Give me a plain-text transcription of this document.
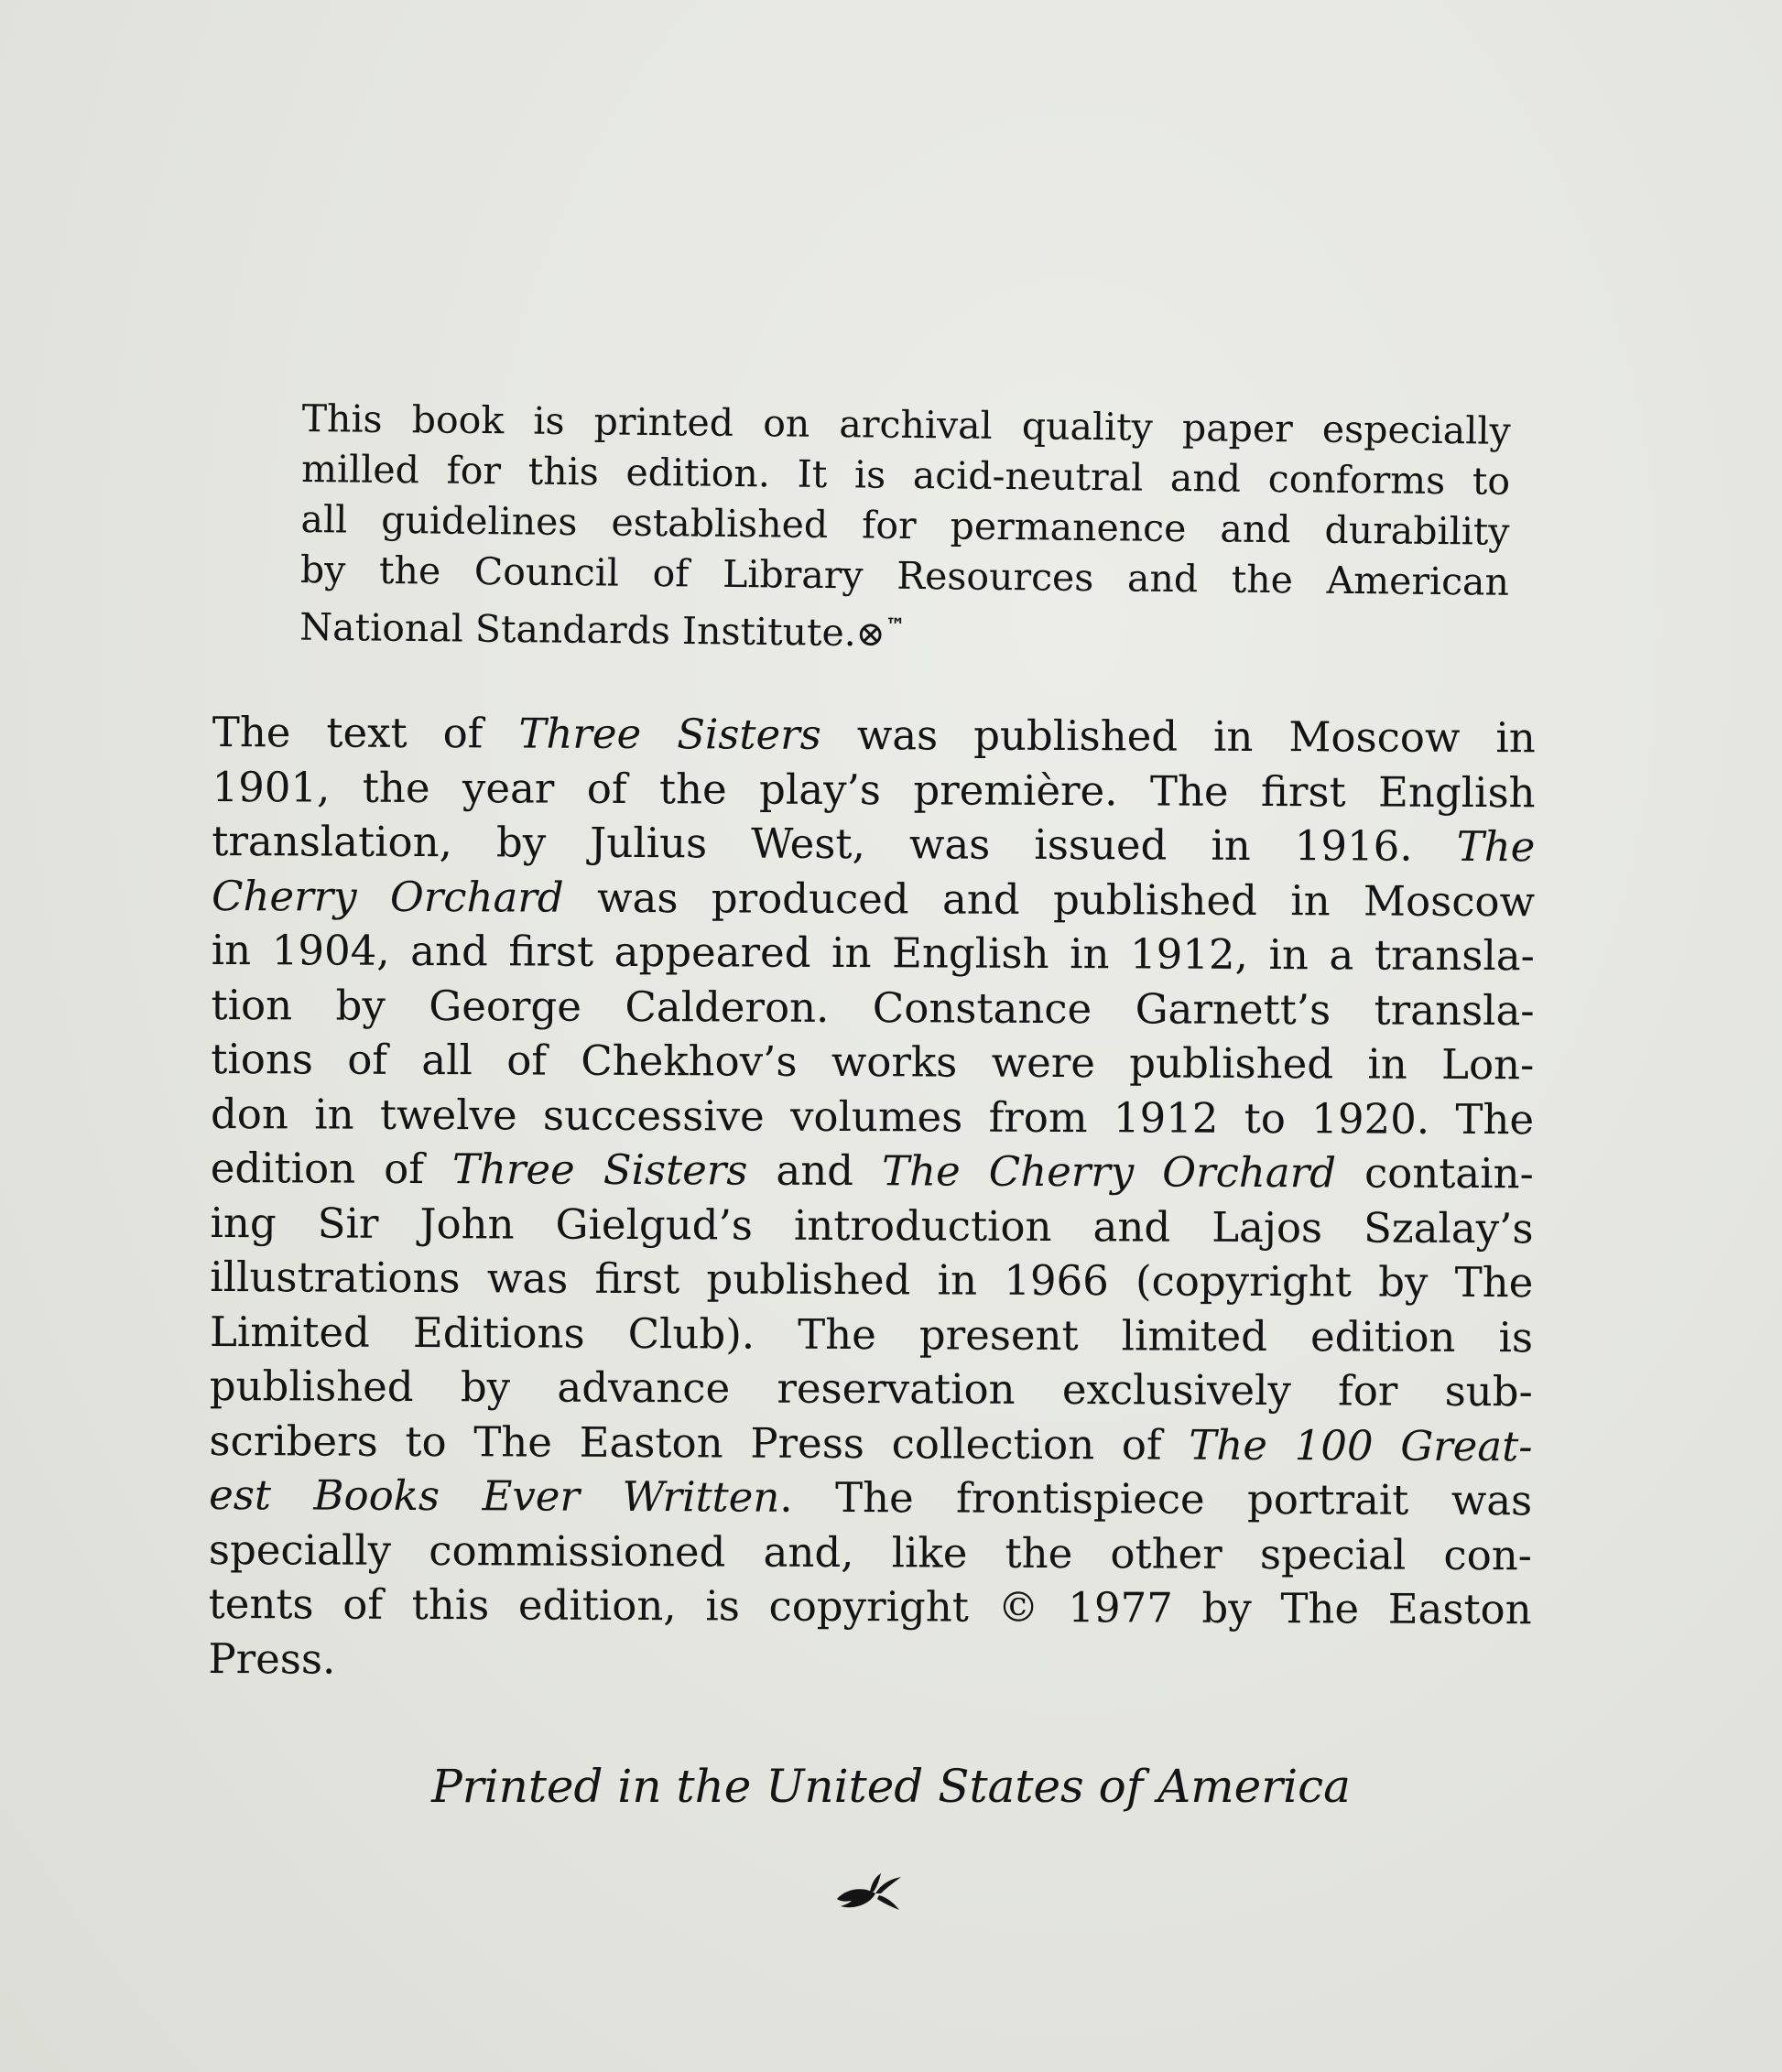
This book is printed on archival quality paper especially
milled for this edition. It is acid-neutral and conforms to
all guidelines established for permanence and durability
by the Council of Library Resources and the American
National Standards Institute.⊗™
The text of Three Sisters was published in Moscow in
1901, the year of the play’s première. The first English
translation, by Julius West, was issued in 1916. The
Cherry Orchard was produced and published in Moscow
in 1904, and first appeared in English in 1912, in a transla-
tion by George Calderon. Constance Garnett’s transla-
tions of all of Chekhov’s works were published in Lon-
don in twelve successive volumes from 1912 to 1920. The
edition of Three Sisters and The Cherry Orchard contain-
ing Sir John Gielgud’s introduction and Lajos Szalay’s
illustrations was first published in 1966 (copyright by The
Limited Editions Club). The present limited edition is
published by advance reservation exclusively for sub-
scribers to The Easton Press collection of The 100 Great-
est Books Ever Written. The frontispiece portrait was
specially commissioned and, like the other special con-
tents of this edition, is copyright © 1977 by The Easton
Press.
Printed in the United States of America
